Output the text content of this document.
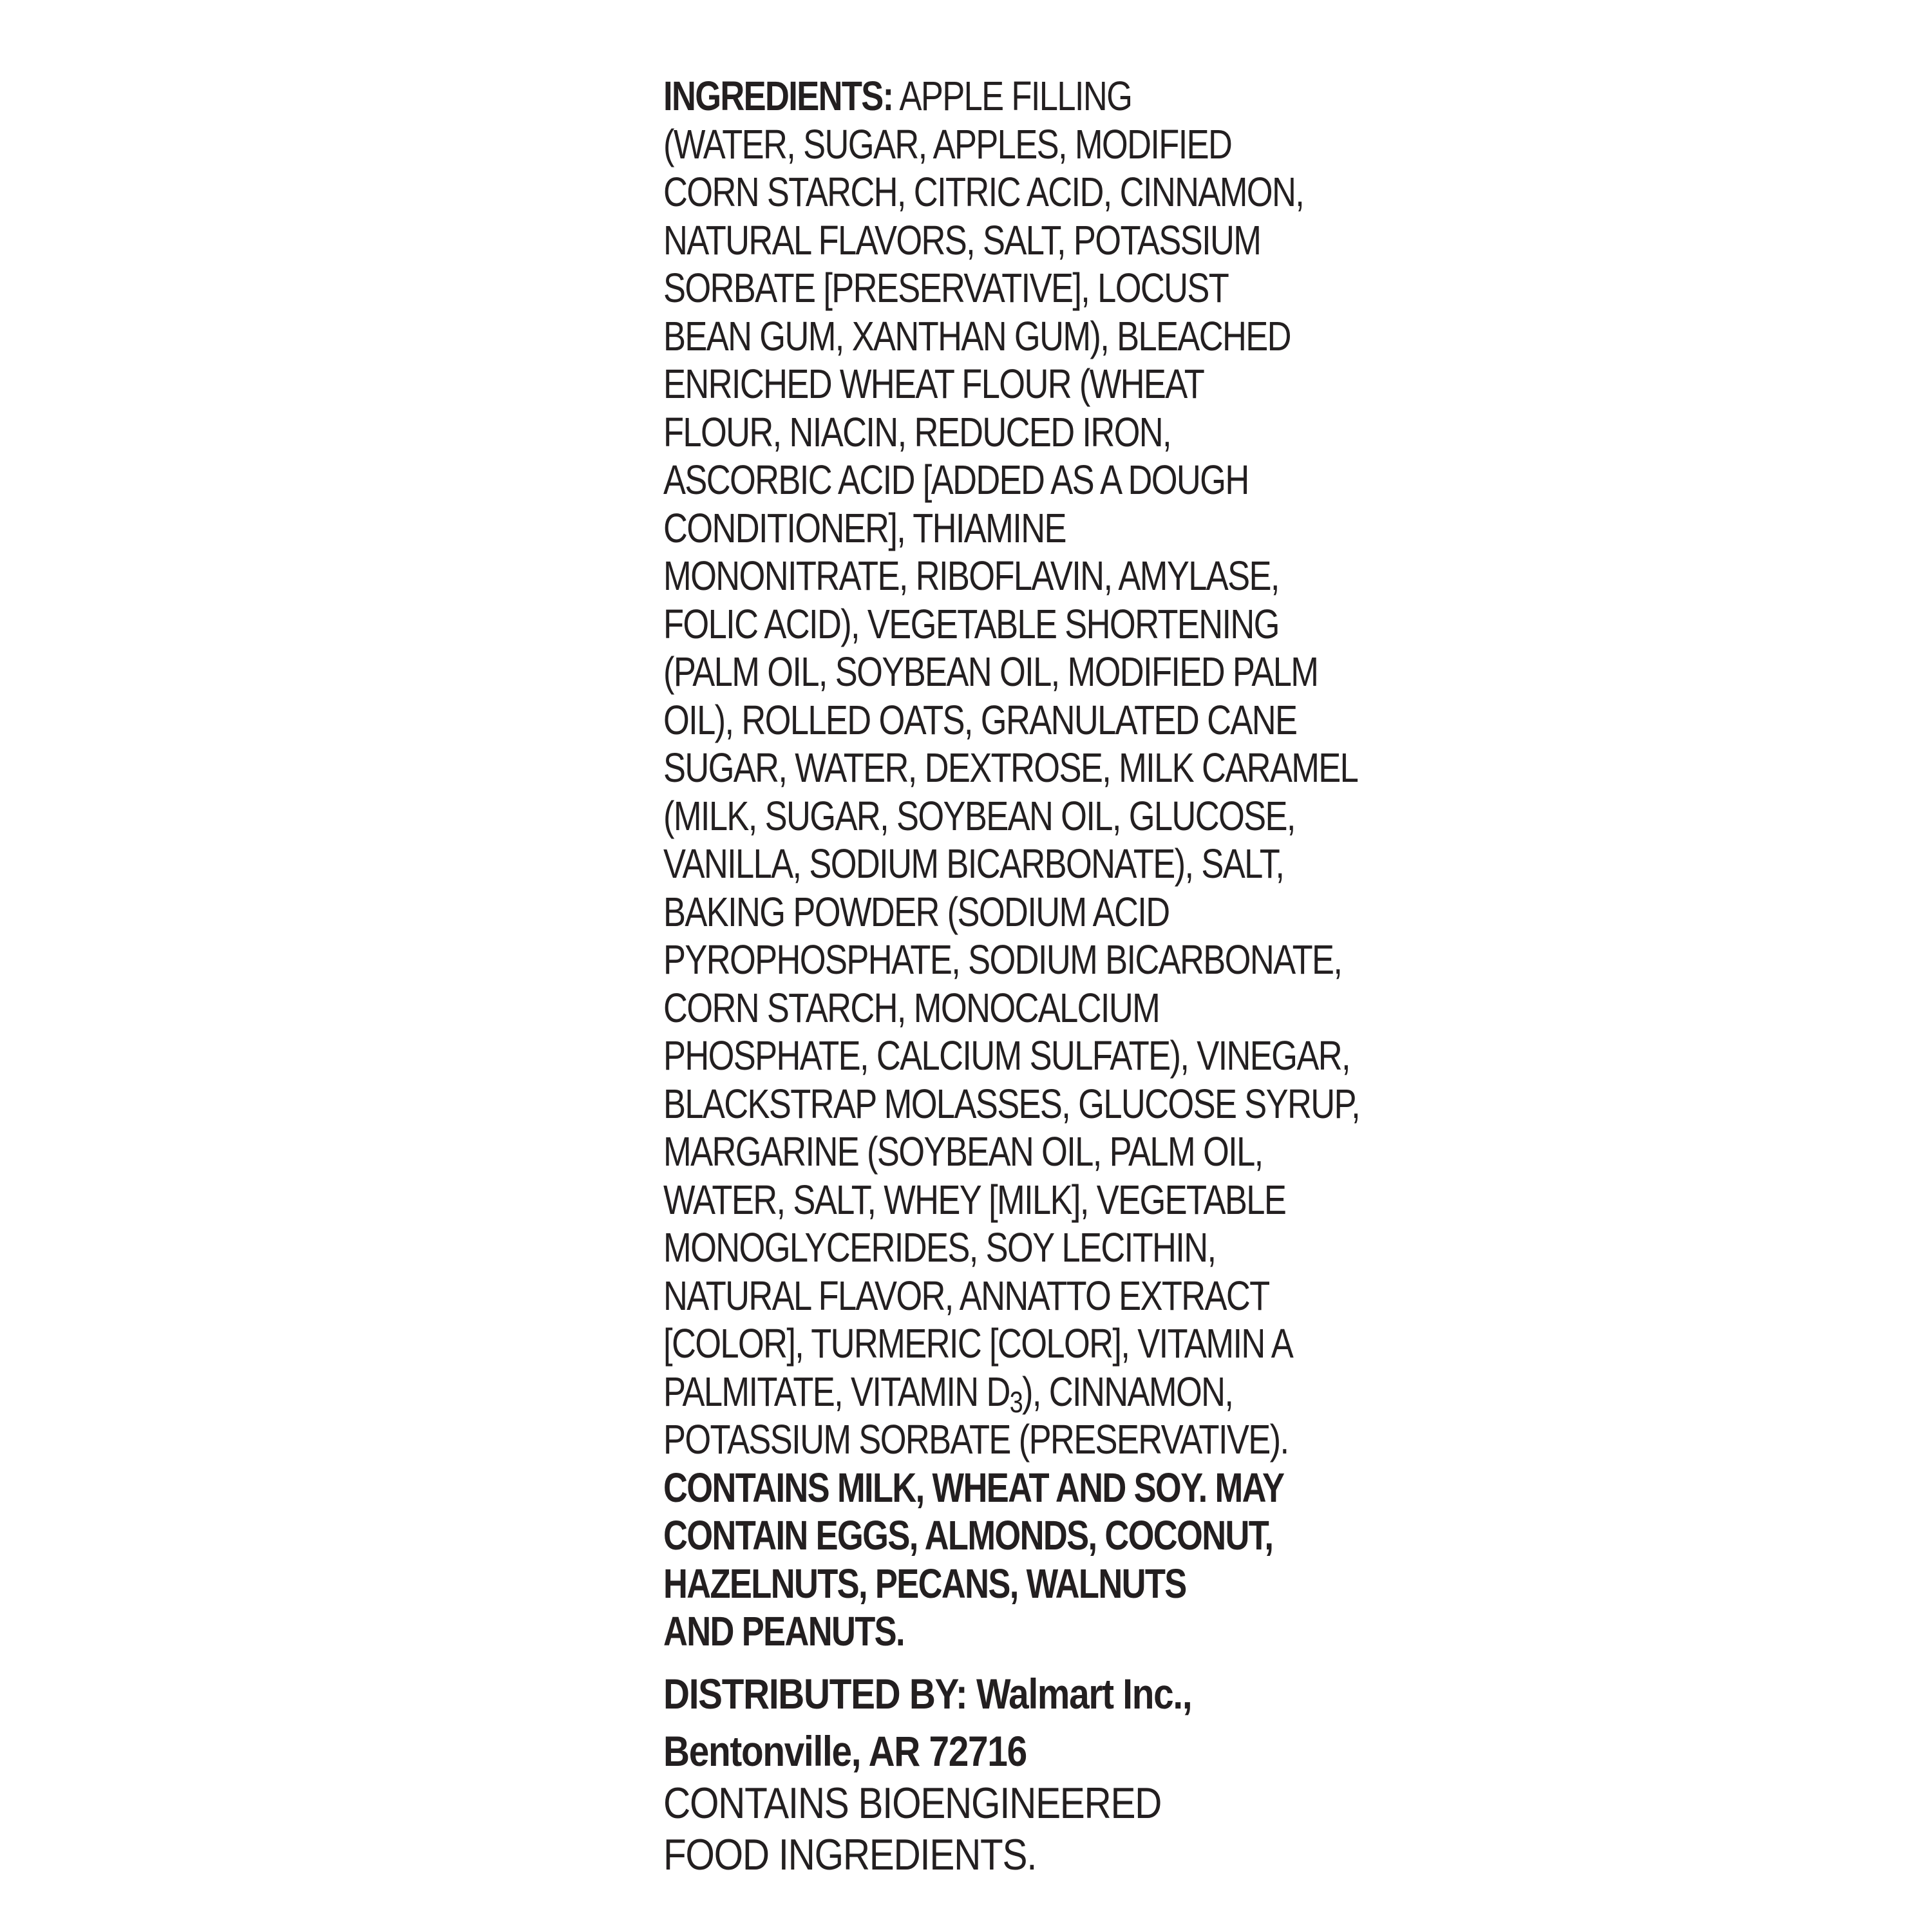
INGREDIENTS: APPLE FILLING
(WATER, SUGAR, APPLES, MODIFIED
CORN STARCH, CITRIC ACID, CINNAMON,
NATURAL FLAVORS, SALT, POTASSIUM
SORBATE [PRESERVATIVE], LOCUST
BEAN GUM, XANTHAN GUM), BLEACHED
ENRICHED WHEAT FLOUR (WHEAT
FLOUR, NIACIN, REDUCED IRON,
ASCORBIC ACID [ADDED AS A DOUGH
CONDITIONER], THIAMINE
MONONITRATE, RIBOFLAVIN, AMYLASE,
FOLIC ACID), VEGETABLE SHORTENING
(PALM OIL, SOYBEAN OIL, MODIFIED PALM
OIL), ROLLED OATS, GRANULATED CANE
SUGAR, WATER, DEXTROSE, MILK CARAMEL
(MILK, SUGAR, SOYBEAN OIL, GLUCOSE,
VANILLA, SODIUM BICARBONATE), SALT,
BAKING POWDER (SODIUM ACID
PYROPHOSPHATE, SODIUM BICARBONATE,
CORN STARCH, MONOCALCIUM
PHOSPHATE, CALCIUM SULFATE), VINEGAR,
BLACKSTRAP MOLASSES, GLUCOSE SYRUP,
MARGARINE (SOYBEAN OIL, PALM OIL,
WATER, SALT, WHEY [MILK], VEGETABLE
MONOGLYCERIDES, SOY LECITHIN,
NATURAL FLAVOR, ANNATTO EXTRACT
[COLOR], TURMERIC [COLOR], VITAMIN A
PALMITATE, VITAMIN D3), CINNAMON,
POTASSIUM SORBATE (PRESERVATIVE).
CONTAINS MILK, WHEAT AND SOY. MAY
CONTAIN EGGS, ALMONDS, COCONUT,
HAZELNUTS, PECANS, WALNUTS
AND PEANUTS.
DISTRIBUTED BY: Walmart Inc.,
Bentonville, AR 72716
CONTAINS BIOENGINEERED
FOOD INGREDIENTS.
